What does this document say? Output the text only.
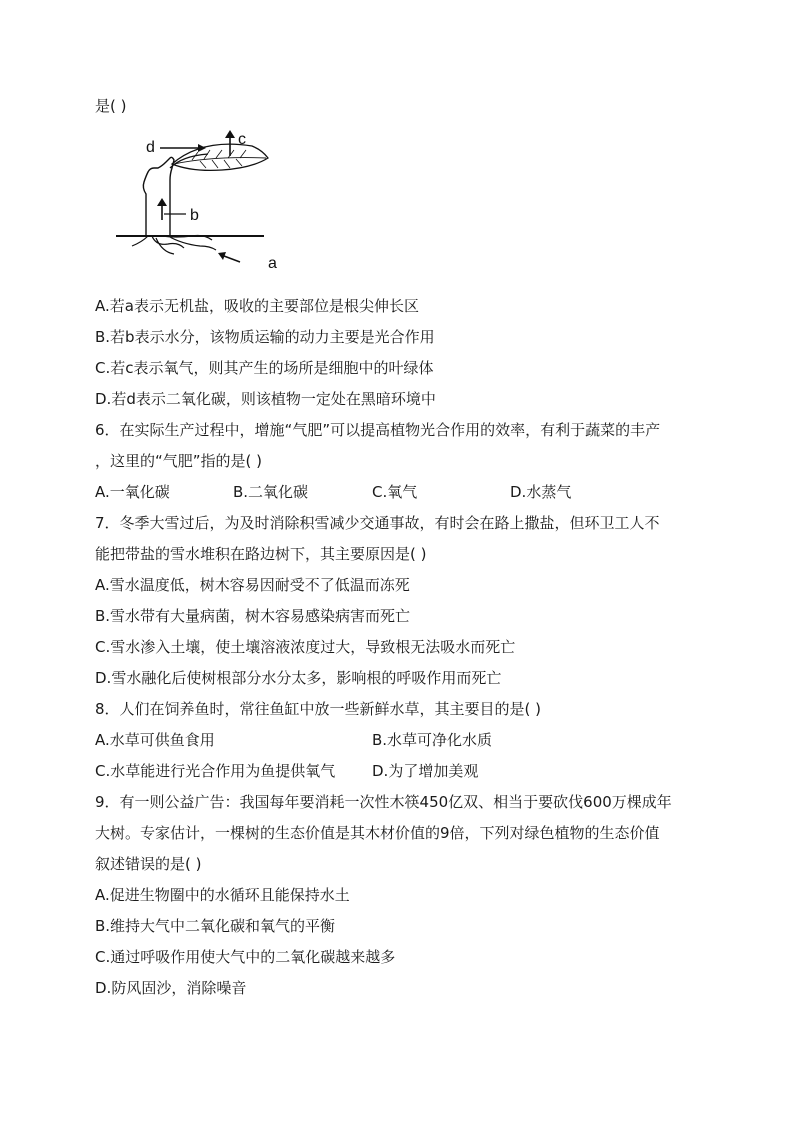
是( )
c
d
b
a
A.若a表示无机盐，吸收的主要部位是根尖伸长区
B.若b表示水分，该物质运输的动力主要是光合作用
C.若c表示氧气，则其产生的场所是细胞中的叶绿体
D.若d表示二氧化碳，则该植物一定处在黑暗环境中
6．在实际生产过程中，增施“气肥”可以提高植物光合作用的效率，有利于蔬菜的丰产
，这里的“气肥”指的是( )
A.一氧化碳	B.二氧化碳	C.氧气	D.水蒸气
7．冬季大雪过后，为及时消除积雪减少交通事故，有时会在路上撒盐，但环卫工人不
能把带盐的雪水堆积在路边树下，其主要原因是( )
A.雪水温度低，树木容易因耐受不了低温而冻死
B.雪水带有大量病菌，树木容易感染病害而死亡
C.雪水渗入土壤，使土壤溶液浓度过大，导致根无法吸水而死亡
D.雪水融化后使树根部分水分太多，影响根的呼吸作用而死亡
8．人们在饲养鱼时，常往鱼缸中放一些新鲜水草，其主要目的是( )
A.水草可供鱼食用	B.水草可净化水质
C.水草能进行光合作用为鱼提供氧气 D.为了增加美观
9．有一则公益广告：我国每年要消耗一次性木筷450亿双、相当于要砍伐600万棵成年
大树。专家估计，一棵树的生态价值是其木材价值的9倍，下列对绿色植物的生态价值
叙述错误的是( )
A.促进生物圈中的水循环且能保持水土
B.维持大气中二氧化碳和氧气的平衡
C.通过呼吸作用使大气中的二氧化碳越来越多
D.防风固沙，消除噪音
